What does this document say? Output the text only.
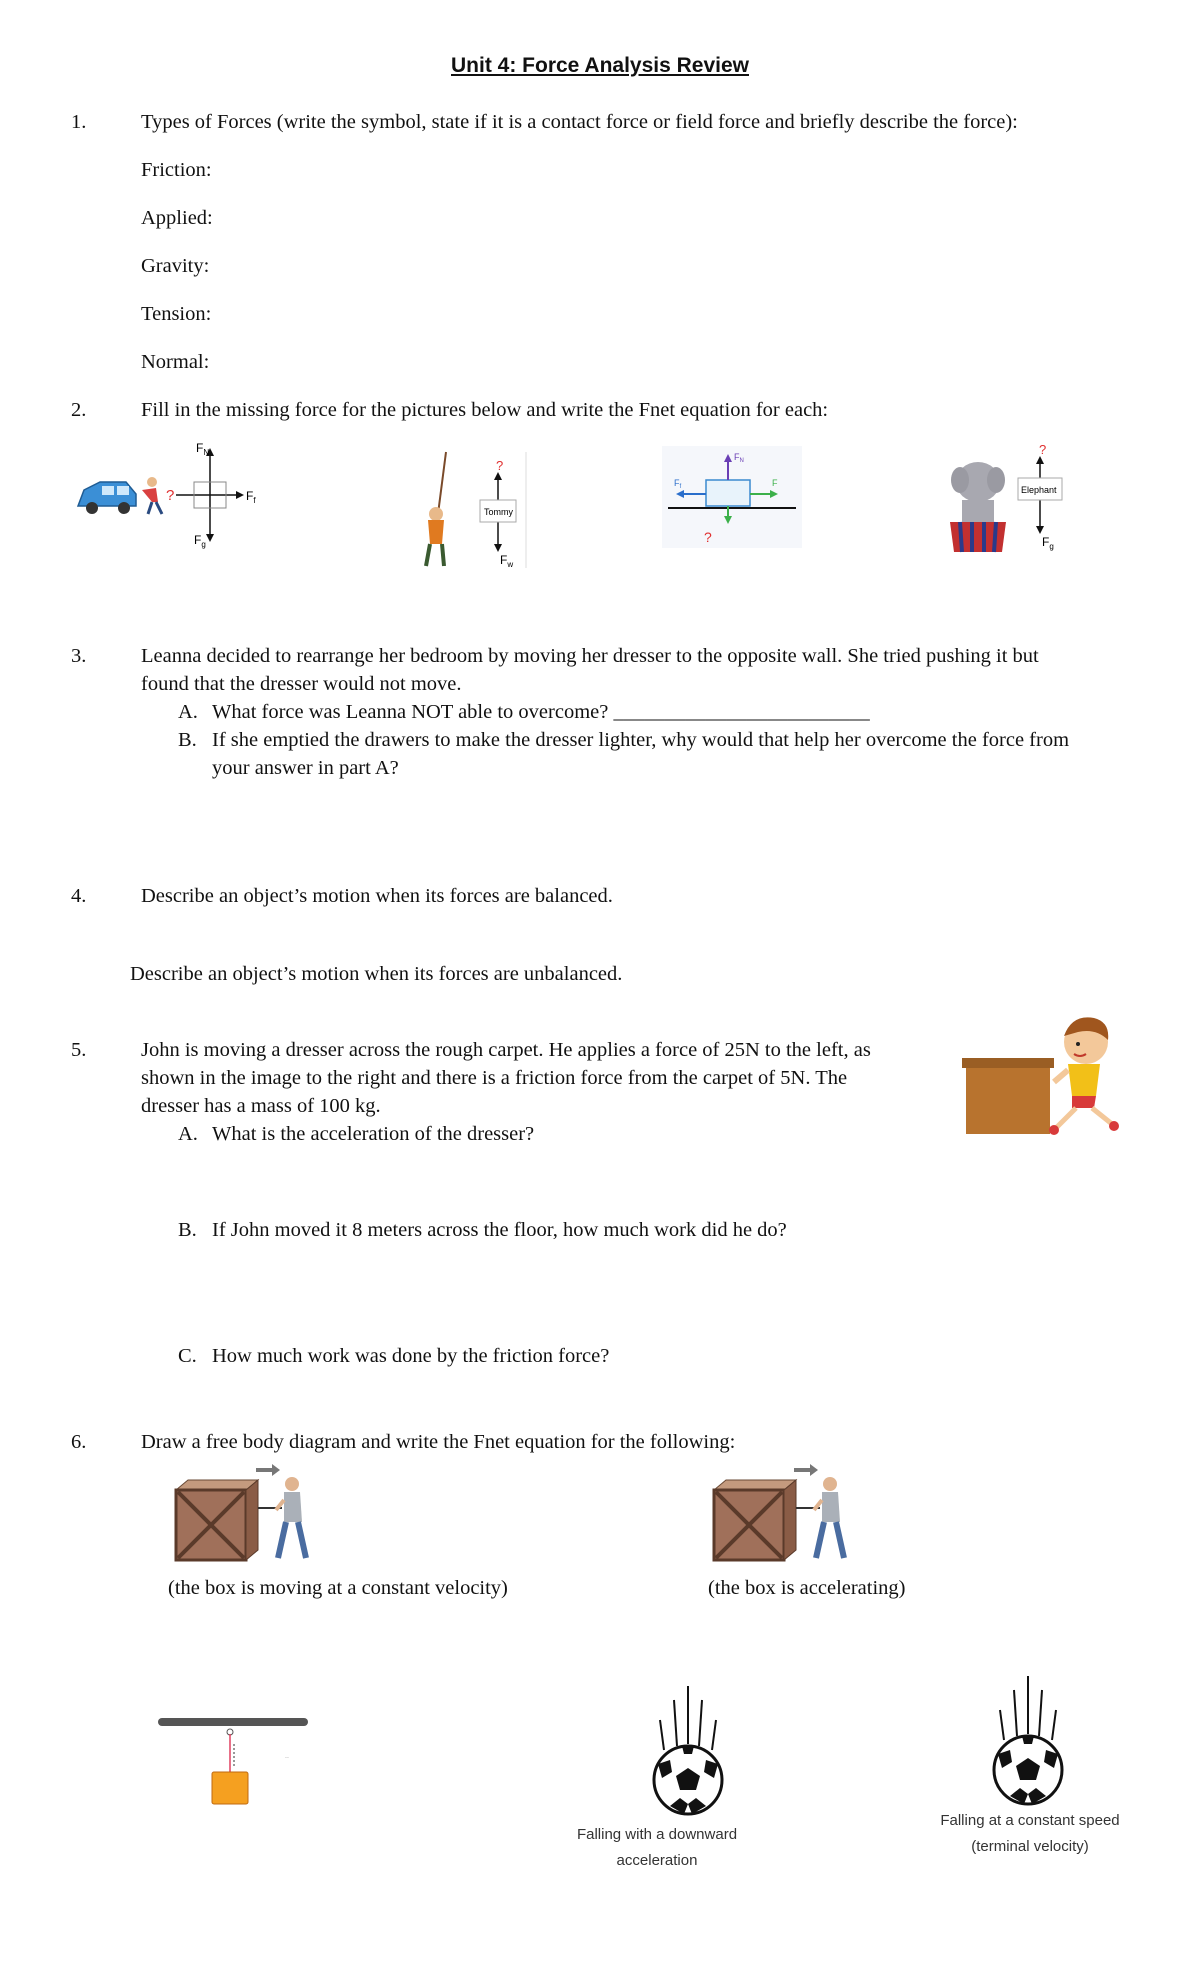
Unit 4: Force Analysis Review
1.	Types of Forces (write the symbol, state if it is a contact force or field force and briefly describe the force):
Friction:
Applied:
Gravity:
Tension:
Normal:
2.	Fill in the missing force for the pictures below and write the Fnet equation for each:
?
$F_N$
$F_f$
$F_g$
?
Tommy
$F_w$
$F_N$
$F_f$	F
?
?
Elephant
$F_g$
3.	Leanna decided to rearrange her bedroom by moving her dresser to the opposite wall. She tried pushing it but
found that the dresser would not move.
A. What force was Leanna NOT able to overcome? _________________________
B. If she emptied the drawers to make the dresser lighter, why would that help her overcome the force from
your answer in part A?
4.	Describe an object’s motion when its forces are balanced.
Describe an object’s motion when its forces are unbalanced.
5.	John is moving a dresser across the rough carpet. He applies a force of 25N to the left, as
shown in the image to the right and there is a friction force from the carpet of 5N. The
dresser has a mass of 100 kg.
A. What is the acceleration of the dresser?
B. If John moved it 8 meters across the floor, how much work did he do?
C. How much work was done by the friction force?
6.	Draw a free body diagram and write the Fnet equation for the following:
(the box is moving at a constant velocity)	(the box is accelerating)
..
Falling with a downward
acceleration
Falling at a constant speed
(terminal velocity)
